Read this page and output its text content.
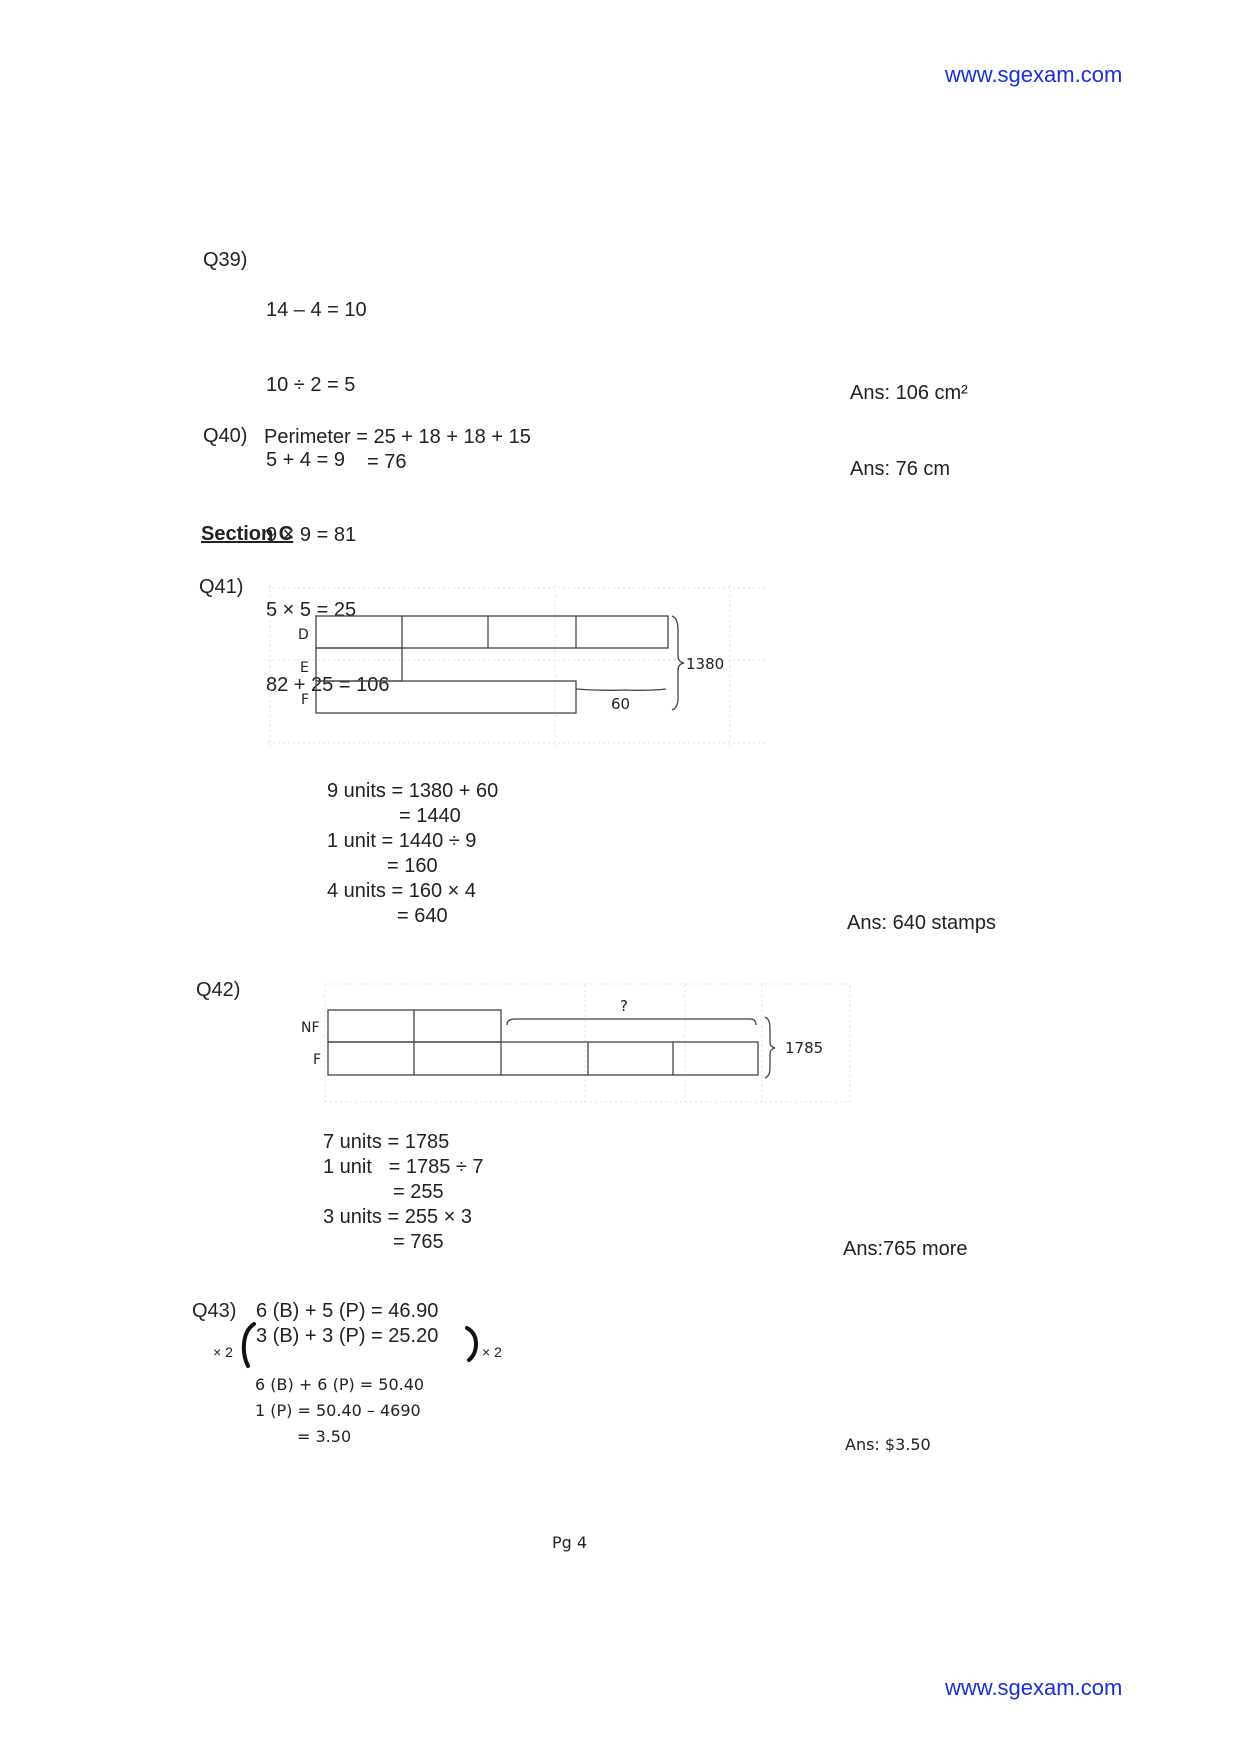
www.sgexam.com
Q39)

14 – 4 = 10

10 ÷ 2 = 5

5 + 4 = 9

9 × 9 = 81

5 × 5 = 25

82 + 25 = 106

Ans: 106 cm²
Q40) Perimeter = 25 + 18 + 18 + 15
= 76	Ans: 76 cm
Section C
Q41)
D
E
F
1380
60
9 units = 1380 + 60
= 1440
1 unit = 1440 ÷ 9
= 160
4 units = 160 × 4
= 640	Ans: 640 stamps
Q42)
?
NF
F
1785
7 units = 1785
1 unit   = 1785 ÷ 7
= 255
3 units = 255 × 3
= 765	Ans:765 more
Q43) 6 (B) + 5 (P) = 46.90
× 2
3 (B) + 3 (P) = 25.20
× 2
6 (B) + 6 (P) = 50.40
1 (P) = 50.40 – 4690
= 3.50	Ans: $3.50
Pg 4
www.sgexam.com
